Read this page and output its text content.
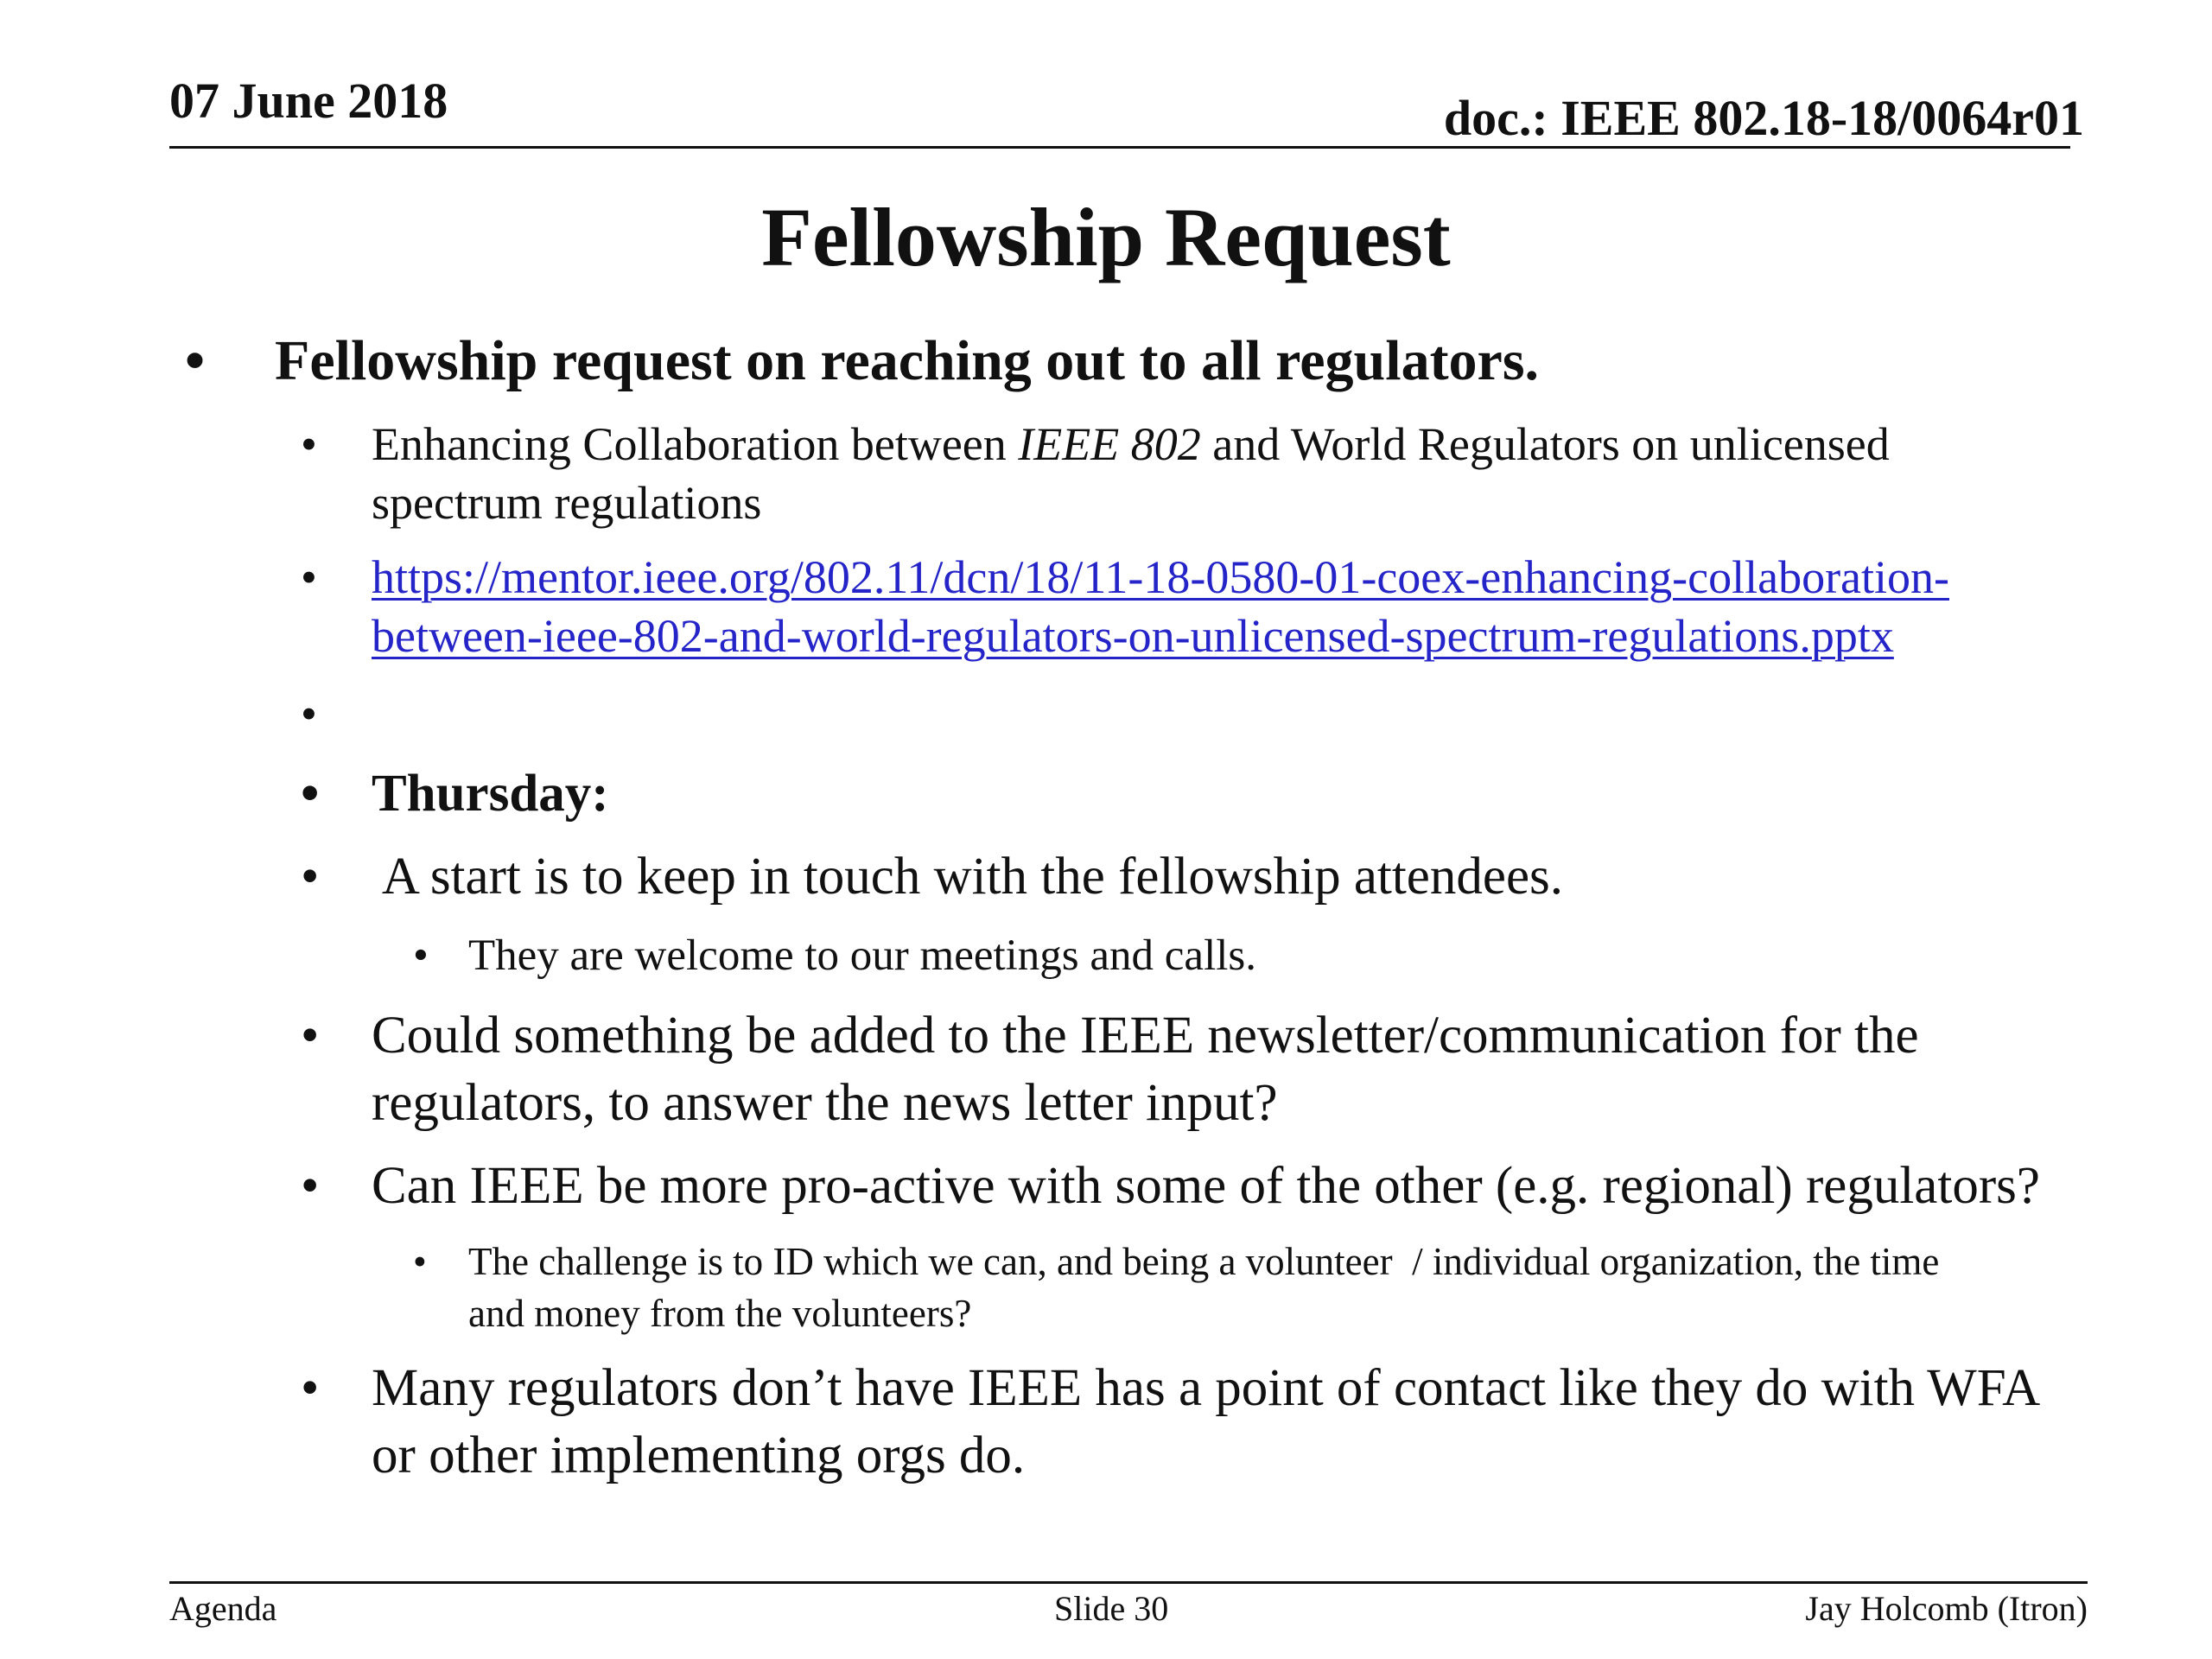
07 June 2018	doc.: IEEE 802.18-18/0064r01
Fellowship Request
• Fellowship request on reaching out to all regulators.
• Enhancing Collaboration between IEEE 802 and World Regulators on unlicensed
spectrum regulations
• https://mentor.ieee.org/802.11/dcn/18/11-18-0580-01-coex-enhancing-collaboration-
between-ieee-802-and-world-regulators-on-unlicensed-spectrum-regulations.pptx
•
• Thursday:
• A start is to keep in touch with the fellowship attendees.
• They are welcome to our meetings and calls.
• Could something be added to the IEEE newsletter/communication for the
regulators, to answer the news letter input?
• Can IEEE be more pro-active with some of the other (e.g. regional) regulators?
• The challenge is to ID which we can, and being a volunteer  / individual organization, the time
and money from the volunteers?
• Many regulators don’t have IEEE has a point of contact like they do with WFA
or other implementing orgs do.
Agenda	Slide 30	Jay Holcomb (Itron)
